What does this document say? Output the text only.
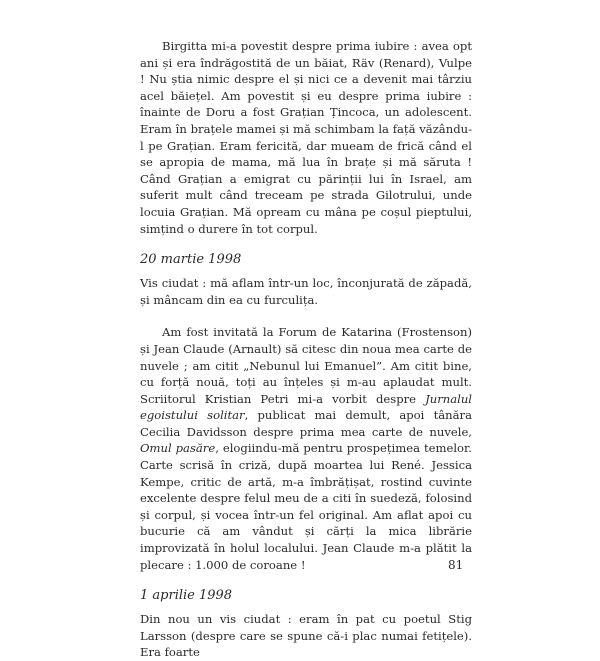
Birgitta mi-a povestit despre prima iubire : avea opt ani și era îndrăgostită de un băiat, Räv (Renard), Vulpe ! Nu știa nimic despre el și nici ce a devenit mai târziu acel băiețel. Am povestit și eu despre prima iubire : înainte de Doru a fost Grațian Țincoca, un adolescent. Eram în brațele mamei și mă schimbam la față văzându-l pe Grațian. Eram fericită, dar mueam de frică când el se apropia de mama, mă lua în brațe și mă săruta ! Când Grațian a emigrat cu părinții lui în Israel, am suferit mult când treceam pe strada Gilotrului, unde locuia Grațian. Mă opream cu mâna pe coșul pieptului, simțind o durere în tot corpul.

20 martie 1998

Vis ciudat : mă aflam într-un loc, înconjurată de zăpadă, și mâncam din ea cu furculița.

Am fost invitată la Forum de Katarina (Frostenson) și Jean Claude (Arnault) să citesc din noua mea carte de nuvele ; am citit „Nebunul lui Emanuel”. Am citit bine, cu forță nouă, toți au înțeles și m-au aplaudat mult. Scriitorul Kristian Petri mi-a vorbit despre Jurnalul egoistului solitar, publicat mai demult, apoi tânăra Cecilia Davidsson despre prima mea carte de nuvele, Omul pasăre, elogiindu-mă pentru prospețimea temelor. Carte scrisă în criză, după moartea lui René. Jessica Kempe, critic de artă, m-a îmbrățișat, rostind cuvinte excelente despre felul meu de a citi în suedeză, folosind și corpul, și vocea într-un fel original. Am aflat apoi cu bucurie că am vândut și cărți la mica librărie improvizată în holul localului. Jean Claude m-a plătit la plecare : 1.000 de coroane !

1 aprilie 1998

Din nou un vis ciudat : eram în pat cu poetul Stig Larsson (despre care se spune că-i plac numai fetițele). Era foarte

81
